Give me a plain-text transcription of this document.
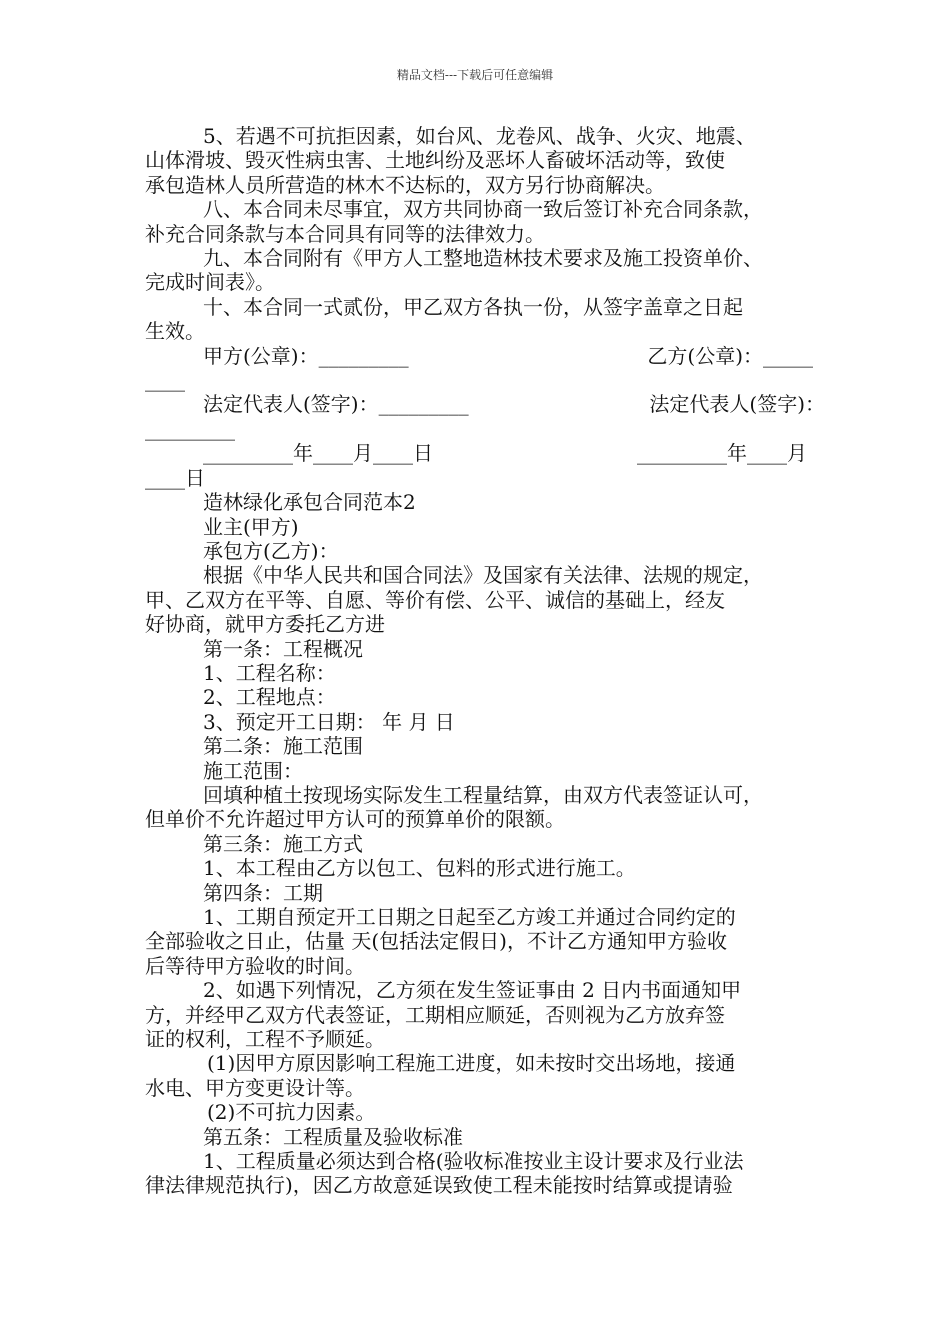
精品文档---下载后可任意编辑
5、若遇不可抗拒因素，如台风、龙卷风、战争、火灾、地震、
山体滑坡、毁灭性病虫害、土地纠纷及恶坏人畜破坏活动等，致使
承包造林人员所营造的林木不达标的，双方另行协商解决。
八、本合同未尽事宜，双方共同协商一致后签订补充合同条款，
补充合同条款与本合同具有同等的法律效力。
九、本合同附有《甲方人工整地造林技术要求及施工投资单价、
完成时间表》。
十、本合同一式贰份，甲乙双方各执一份，从签字盖章之日起
生效。
甲方(公章)：_________	乙方(公章)：_____
____
法定代表人(签字)：_________	法定代表人(签字)：
_________
_________年____月____日	_________年____月
____日
造林绿化承包合同范本2
业主(甲方)
承包方(乙方)：
根据《中华人民共和国合同法》及国家有关法律、法规的规定，
甲、乙双方在平等、自愿、等价有偿、公平、诚信的基础上，经友
好协商，就甲方委托乙方进
第一条：工程概况
1、工程名称：
2、工程地点：
3、预定开工日期： 年 月 日
第二条：施工范围
施工范围：
回填种植土按现场实际发生工程量结算，由双方代表签证认可，
但单价不允许超过甲方认可的预算单价的限额。
第三条：施工方式
1、本工程由乙方以包工、包料的形式进行施工。
第四条：工期
1、工期自预定开工日期之日起至乙方竣工并通过合同约定的
全部验收之日止，估量 天(包括法定假日)，不计乙方通知甲方验收
后等待甲方验收的时间。
2、如遇下列情况，乙方须在发生签证事由 2 日内书面通知甲
方，并经甲乙双方代表签证，工期相应顺延，否则视为乙方放弃签
证的权利，工程不予顺延。
(1)因甲方原因影响工程施工进度，如未按时交出场地，接通
水电、甲方变更设计等。
(2)不可抗力因素。
第五条：工程质量及验收标准
1、工程质量必须达到合格(验收标准按业主设计要求及行业法
律法律规范执行)，因乙方故意延误致使工程未能按时结算或提请验
